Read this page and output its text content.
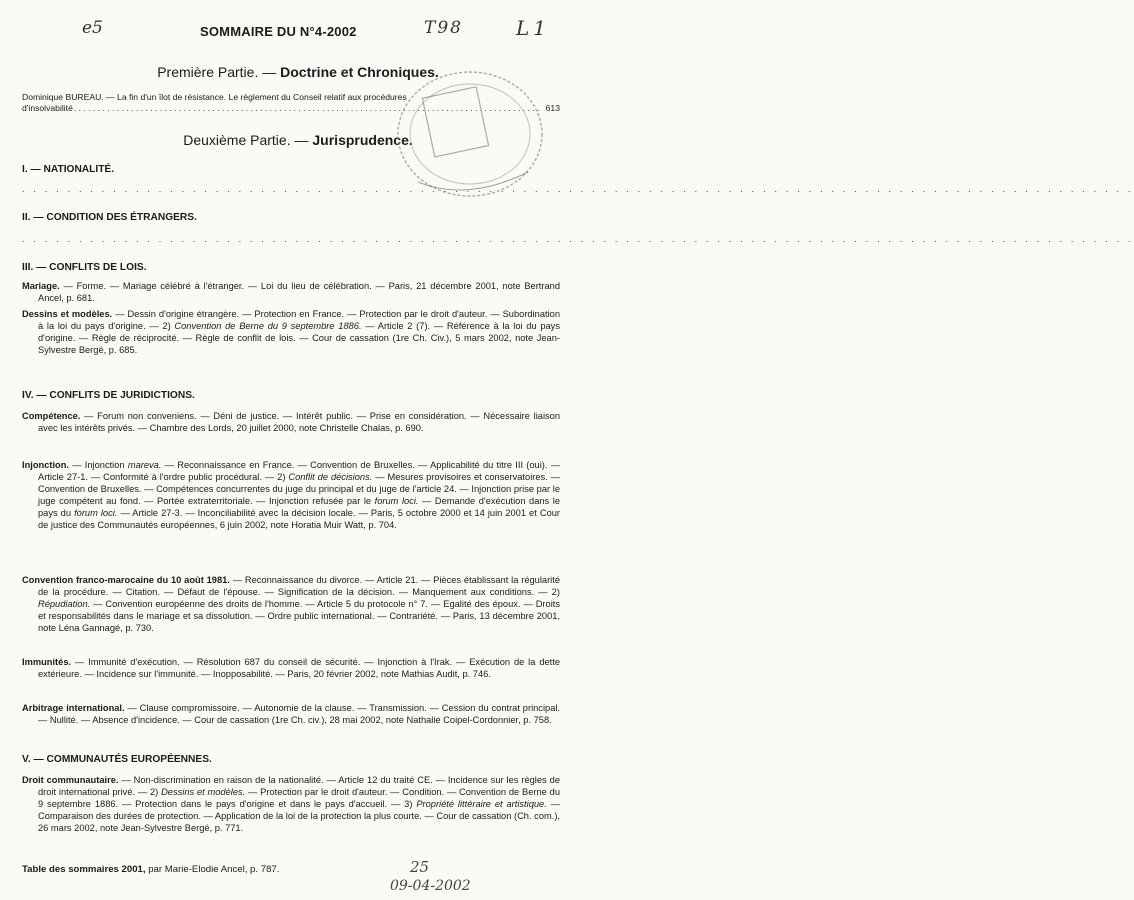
e5	T98	L1
SOMMAIRE DU N°4-2002
Première Partie. — Doctrine et Chroniques.
Dominique BUREAU. — La fin d'un îlot de résistance. Le règlement du Conseil relatif aux procédures
d'insolvabilité . . . . . . . . . . . . . . . . . . . . . . . . . . . . . . . . . . . . . . . . . . . . . . . . . . . . . . . . . . . . . . . . . . . . . . . . . . . . . . . . . . . . . . . . . . . . . . . . . . 613
Deuxième Partie. — Jurisprudence.
I. — NATIONALITÉ.
. . . . . . . . . . . . . . . . . . . . . . . . . . . . . . . . . . . . . . . . . . . . . . . . . . . . . . . . . . . . . . . . . . . . . . . . . . . . . . . . . . . . . . . . . . . . . . . . . .
II. — CONDITION DES ÉTRANGERS.
. . . . . . . . . . . . . . . . . . . . . . . . . . . . . . . . . . . . . . . . . . . . . . . . . . . . . . . . . . . . . . . . . . . . . . . . . . . . . . . . . . . . . . . . . . . . . . . . . .
III. — CONFLITS DE LOIS.
Mariage. — Forme. — Mariage célébré à l'étranger. — Loi du lieu de célébration. — Paris, 21 décembre 2001, note Bertrand Ancel, p. 681.
Dessins et modèles. — Dessin d'origine étrangère. — Protection en France. — Protection par le droit d'auteur. — Subordination à la loi du pays d'origine. — 2) Convention de Berne du 9 septembre 1886. — Article 2 (7). — Référence à la loi du pays d'origine. — Règle de réciprocité. — Règle de conflit de lois. — Cour de cassation (1re Ch. Civ.), 5 mars 2002, note Jean-Sylvestre Bergé, p. 685.
IV. — CONFLITS DE JURIDICTIONS.
Compétence. — Forum non conveniens. — Déni de justice. — Intérêt public. — Prise en considération. — Nécessaire liaison avec les intérêts privés. — Chambre des Lords, 20 juillet 2000, note Christelle Chalas, p. 690.
Injonction. — Injonction mareva. — Reconnaissance en France. — Convention de Bruxelles. — Applicabilité du titre III (oui). — Article 27-1. — Conformité à l'ordre public procédural. — 2) Conflit de décisions. — Mesures provisoires et conservatoires. — Convention de Bruxelles. — Compétences concurrentes du juge du principal et du juge de l'article 24. — Injonction prise par le juge compétent au fond. — Portée extraterritoriale. — Injonction refusée par le forum loci. — Demande d'exécution dans le pays du forum loci. — Article 27-3. — Inconciliabilité avec la décision locale. — Paris, 5 octobre 2000 et 14 juin 2001 et Cour de justice des Communautés européennes, 6 juin 2002, note Horatia Muir Watt, p. 704.
Convention franco-marocaine du 10 août 1981. — Reconnaissance du divorce. — Article 21. — Pièces établissant la régularité de la procédure. — Citation. — Défaut de l'épouse. — Signification de la décision. — Manquement aux conditions. — 2) Répudiation. — Convention européenne des droits de l'homme. — Article 5 du protocole n° 7. — Egalité des époux. — Droits et responsabilités dans le mariage et sa dissolution. — Ordre public international. — Contrariété. — Paris, 13 décembre 2001, note Léna Gannagé, p. 730.
Immunités. — Immunité d'exécution. — Résolution 687 du conseil de sécurité. — Injonction à l'Irak. — Exécution de la dette extérieure. — Incidence sur l'immunité. — Inopposabilité. — Paris, 20 février 2002, note Mathias Audit, p. 746.
Arbitrage international. — Clause compromissoire. — Autonomie de la clause. — Transmission. — Cession du contrat principal. — Nullité. — Absence d'incidence. — Cour de cassation (1re Ch. civ.), 28 mai 2002, note Nathalie Coipel-Cordonnier, p. 758.
V. — COMMUNAUTÉS EUROPÉENNES.
Droit communautaire. — Non-discrimination en raison de la nationalité. — Article 12 du traité CE. — Incidence sur les règles de droit international privé. — 2) Dessins et modèles. — Protection par le droit d'auteur. — Condition. — Convention de Berne du 9 septembre 1886. — Protection dans le pays d'origine et dans le pays d'accueil. — 3) Propriété littéraire et artistique. — Comparaison des durées de protection. — Application de la loi de la protection la plus courte. — Cour de cassation (Ch. com.), 26 mars 2002, note Jean-Sylvestre Bergé, p. 771.
Table des sommaires 2001, par Marie-Elodie Ancel, p. 787.	25
09-04-2002
